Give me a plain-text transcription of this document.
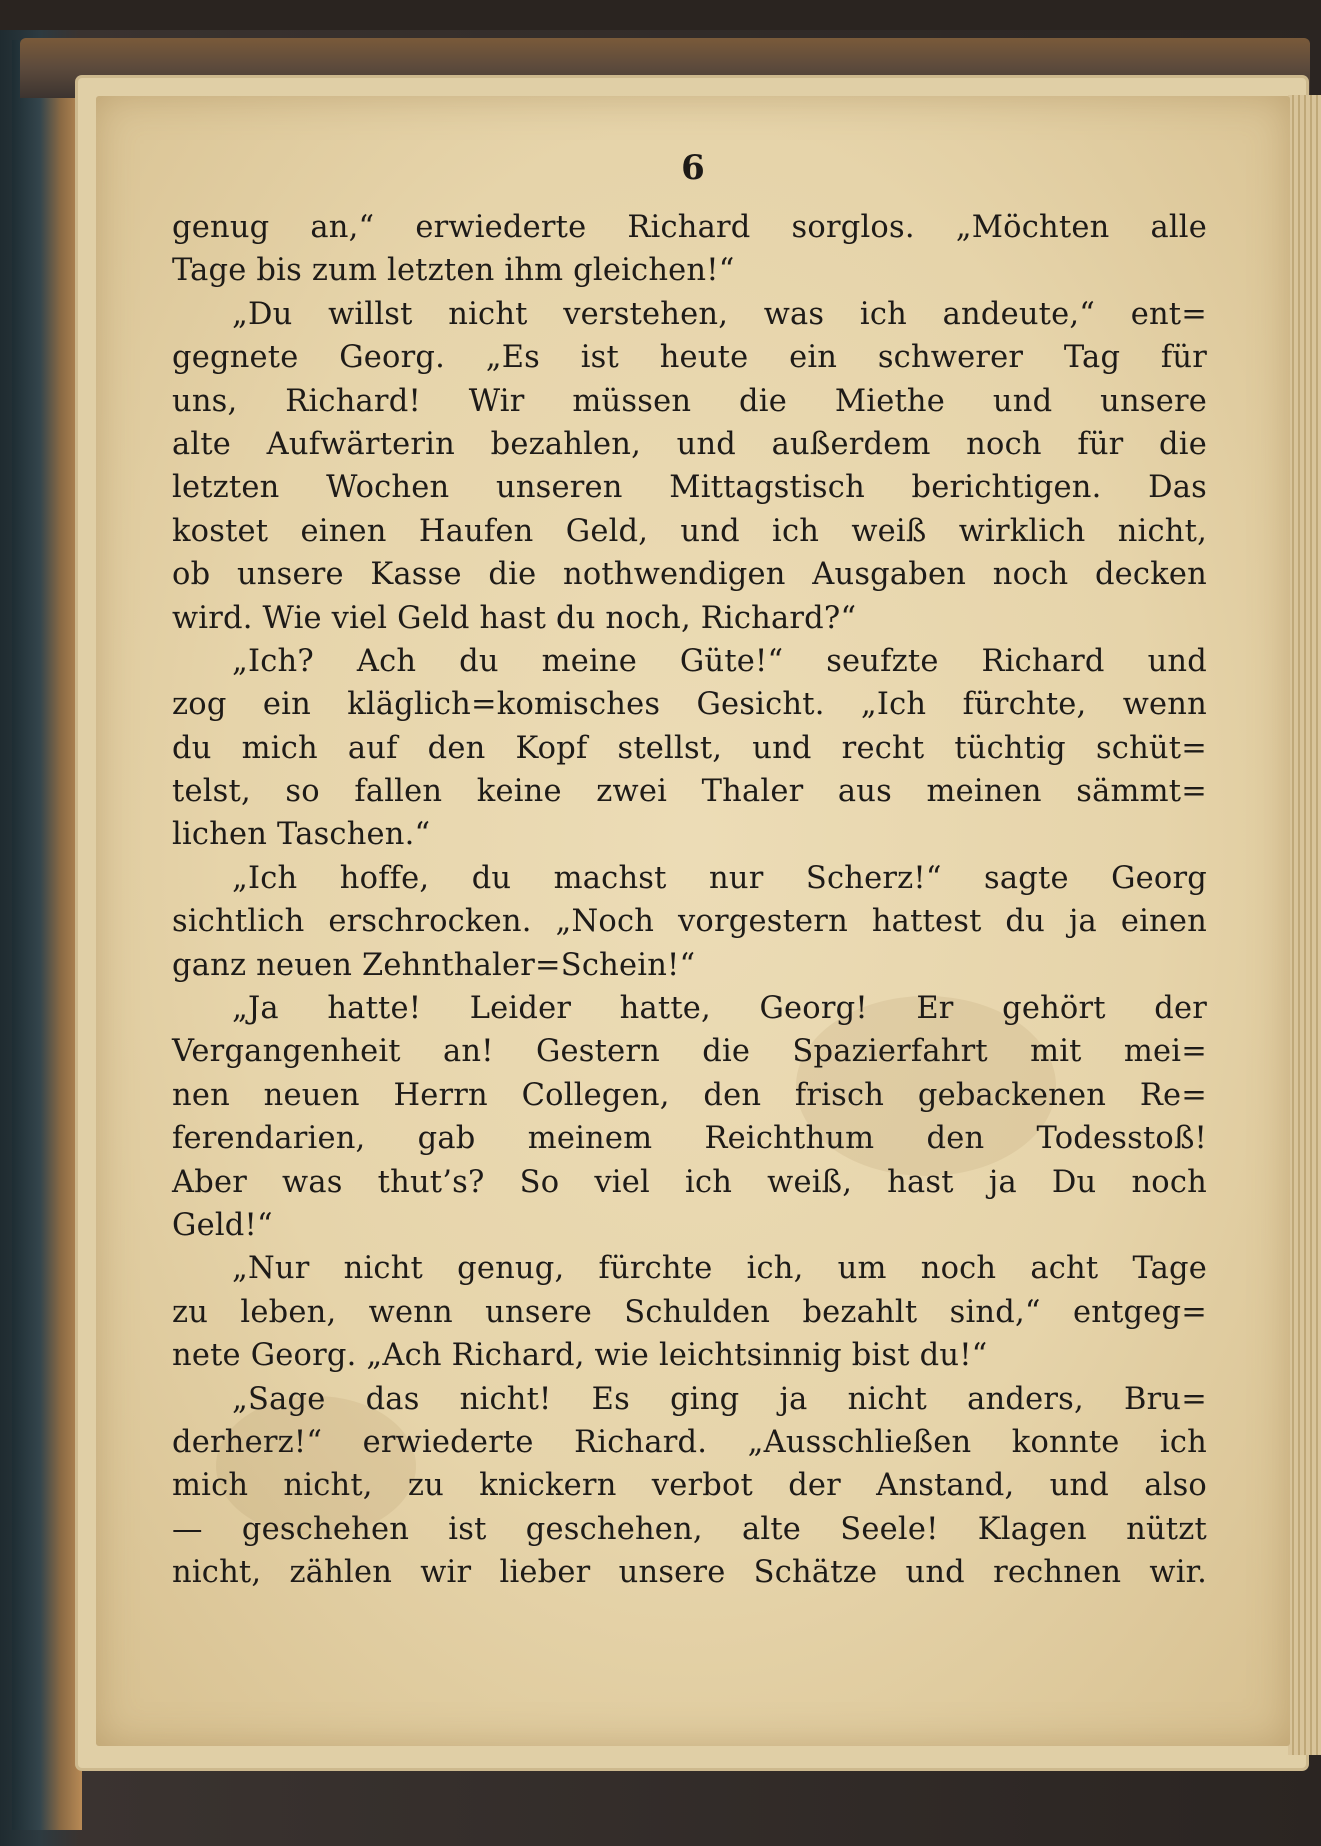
6
genug an,“ erwiederte Richard sorglos. „Möchten alle
Tage bis zum letzten ihm gleichen!“
„Du willst nicht verstehen, was ich andeute,“ ent=
gegnete Georg. „Es ist heute ein schwerer Tag für
uns, Richard! Wir müssen die Miethe und unsere
alte Aufwärterin bezahlen, und außerdem noch für die
letzten Wochen unseren Mittagstisch berichtigen. Das
kostet einen Haufen Geld, und ich weiß wirklich nicht,
ob unsere Kasse die nothwendigen Ausgaben noch decken
wird. Wie viel Geld hast du noch, Richard?“
„Ich? Ach du meine Güte!“ seufzte Richard und
zog ein kläglich=komisches Gesicht. „Ich fürchte, wenn
du mich auf den Kopf stellst, und recht tüchtig schüt=
telst, so fallen keine zwei Thaler aus meinen sämmt=
lichen Taschen.“
„Ich hoffe, du machst nur Scherz!“ sagte Georg
sichtlich erschrocken. „Noch vorgestern hattest du ja einen
ganz neuen Zehnthaler=Schein!“
„Ja hatte! Leider hatte, Georg! Er gehört der
Vergangenheit an! Gestern die Spazierfahrt mit mei=
nen neuen Herrn Collegen, den frisch gebackenen Re=
ferendarien, gab meinem Reichthum den Todesstoß!
Aber was thut’s? So viel ich weiß, hast ja Du noch
Geld!“
„Nur nicht genug, fürchte ich, um noch acht Tage
zu leben, wenn unsere Schulden bezahlt sind,“ entgeg=
nete Georg. „Ach Richard, wie leichtsinnig bist du!“
„Sage das nicht! Es ging ja nicht anders, Bru=
derherz!“ erwiederte Richard. „Ausschließen konnte ich
mich nicht, zu knickern verbot der Anstand, und also
— geschehen ist geschehen, alte Seele! Klagen nützt
nicht, zählen wir lieber unsere Schätze und rechnen wir.
